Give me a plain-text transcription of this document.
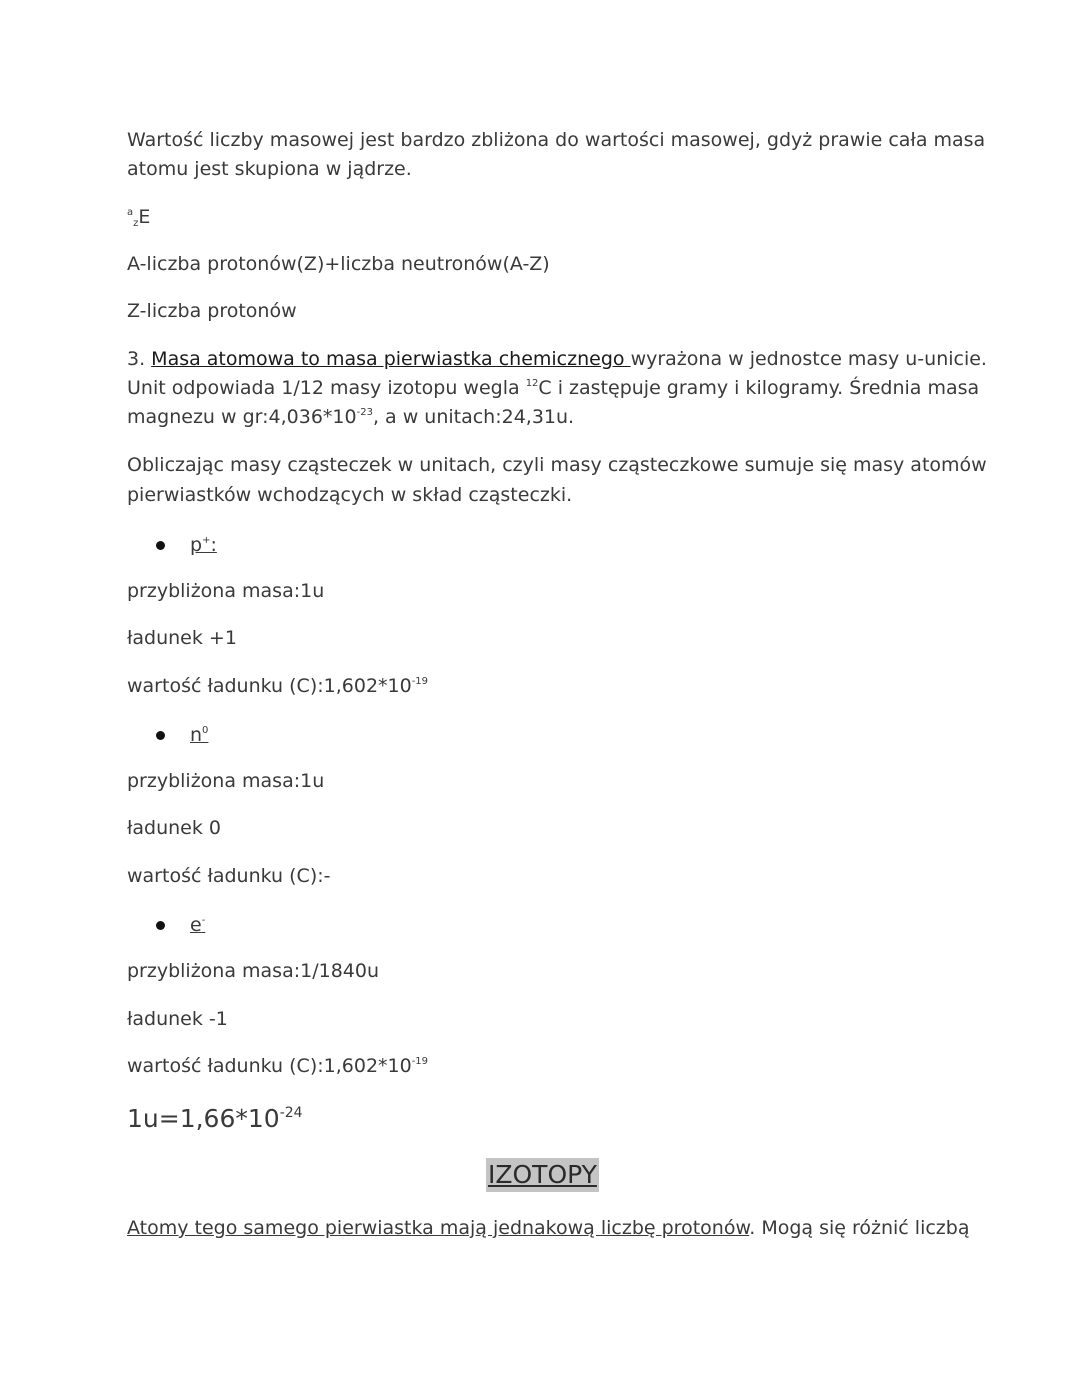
Wartość liczby masowej jest bardzo zbliżona do wartości masowej, gdyż prawie cała masa
atomu jest skupiona w jądrze.
$^a_z$E
A-liczba protonów(Z)+liczba neutronów(A-Z)
Z-liczba protonów
3. Masa atomowa to masa pierwiastka chemicznego wyrażona w jednostce masy u-unicie.
Unit odpowiada 1/12 masy izotopu wegla $^{12}$C i zastępuje gramy i kilogramy. Średnia masa
magnezu w $gr:4,036*10^{-23}$, a w unitach:24,31u.
Obliczając masy cząsteczek w unitach, czyli masy cząsteczkowe sumuje się masy atomów
pierwiastków wchodzących w skład cząsteczki.
p+:
przybliżona masa:1u
ładunek +1
wartość ładunku $(C):1,602*10^{-19}$
$n^0$
przybliżona masa:1u
ładunek 0
wartość ładunku (C):-
e-
przybliżona masa:1/1840u
ładunek -1
wartość ładunku $(C):1,602*10^{-19}$
$1u=1,66*10^{-24}$
IZOTOPY
Atomy tego samego pierwiastka mają jednakową liczbę protonów. Mogą się różnić liczbą
